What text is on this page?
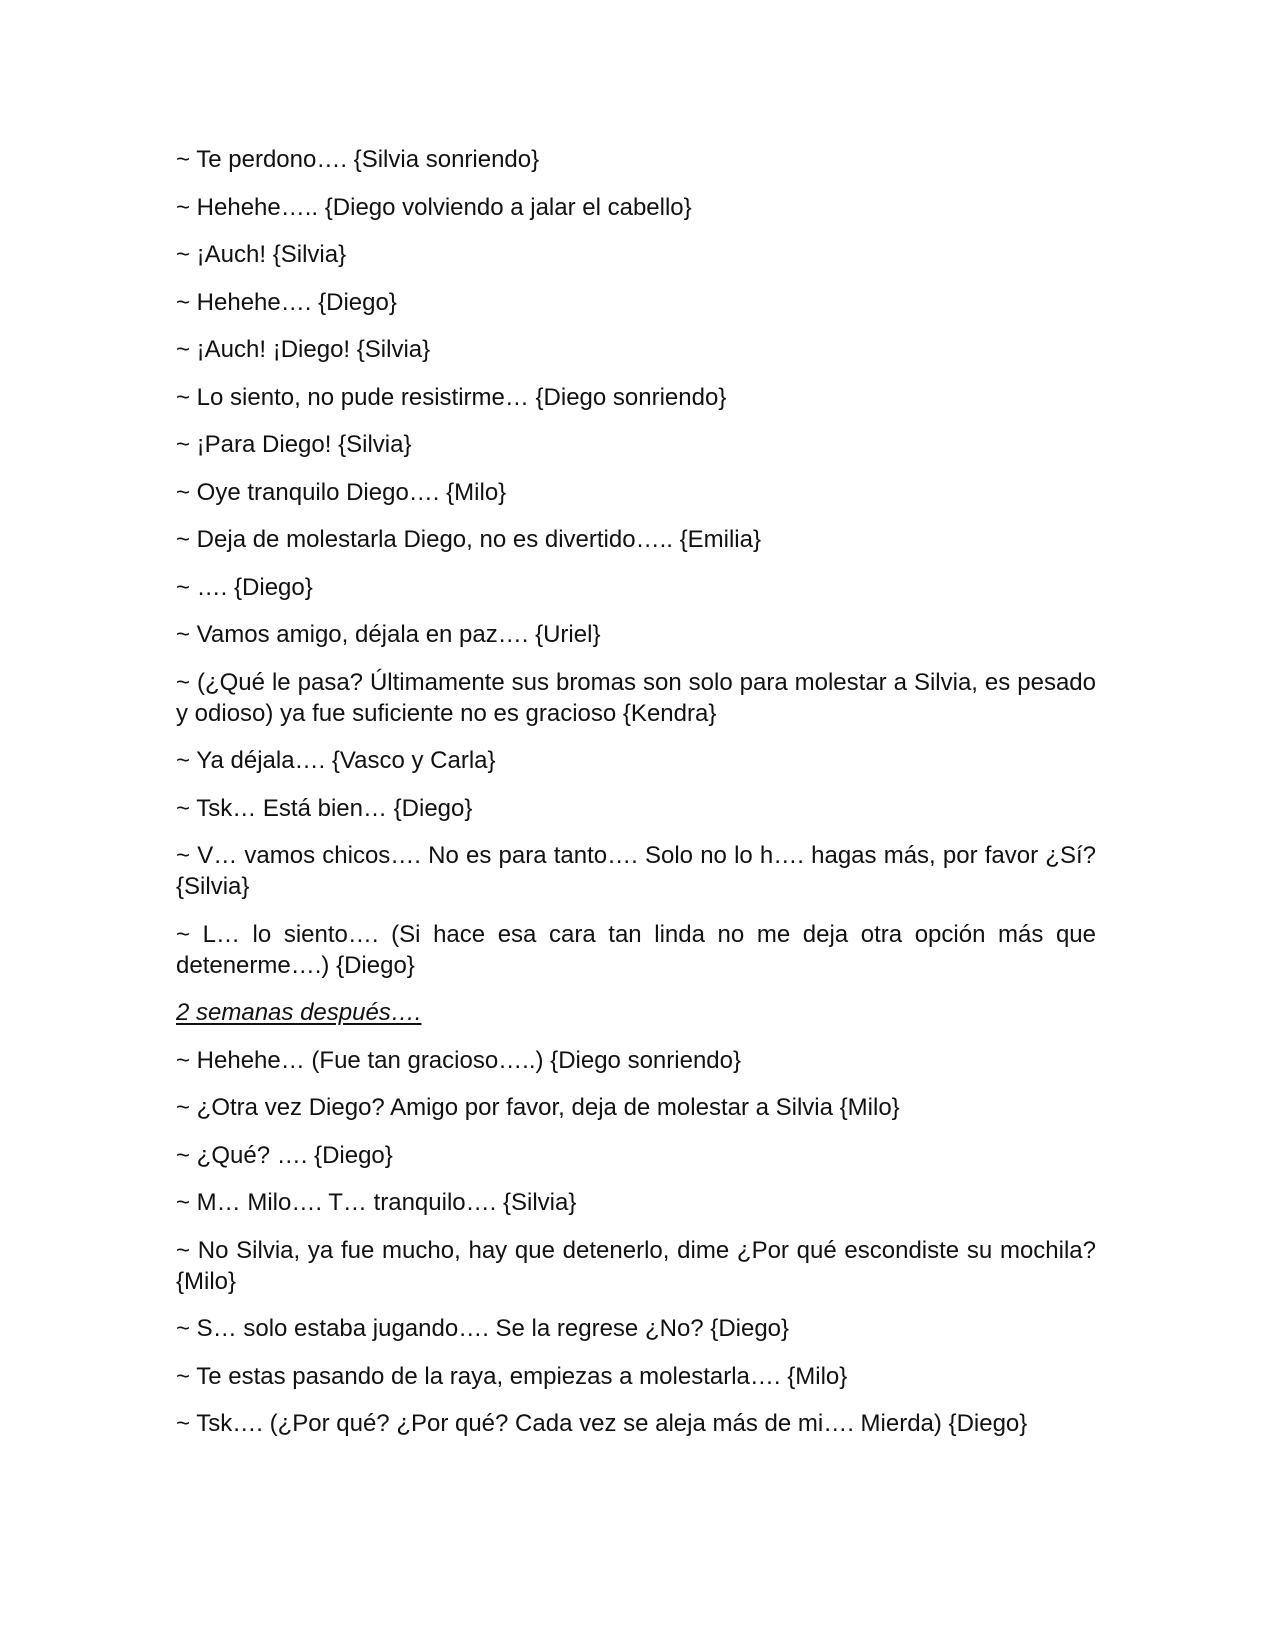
~ Te perdono…. {Silvia sonriendo}

~ Hehehe….. {Diego volviendo a jalar el cabello}

~ ¡Auch! {Silvia}

~ Hehehe…. {Diego}

~ ¡Auch! ¡Diego! {Silvia}

~ Lo siento, no pude resistirme… {Diego sonriendo}

~ ¡Para Diego! {Silvia}

~ Oye tranquilo Diego…. {Milo}

~ Deja de molestarla Diego, no es divertido….. {Emilia}

~ …. {Diego}

~ Vamos amigo, déjala en paz…. {Uriel}

~ (¿Qué le pasa? Últimamente sus bromas son solo para molestar a Silvia, es pesado y odioso) ya fue suficiente no es gracioso {Kendra}

~ Ya déjala…. {Vasco y Carla}

~ Tsk… Está bien… {Diego}

~ V… vamos chicos…. No es para tanto…. Solo no lo h…. hagas más, por favor ¿Sí? {Silvia}

~ L… lo siento…. (Si hace esa cara tan linda no me deja otra opción más que detenerme….) {Diego}

2 semanas después….

~ Hehehe… (Fue tan gracioso…..) {Diego sonriendo}

~ ¿Otra vez Diego? Amigo por favor, deja de molestar a Silvia {Milo}

~ ¿Qué? …. {Diego}

~ M… Milo…. T… tranquilo…. {Silvia}

~ No Silvia, ya fue mucho, hay que detenerlo, dime ¿Por qué escondiste su mochila? {Milo}

~ S… solo estaba jugando…. Se la regrese ¿No? {Diego}

~ Te estas pasando de la raya, empiezas a molestarla…. {Milo}

~ Tsk…. (¿Por qué? ¿Por qué? Cada vez se aleja más de mi…. Mierda) {Diego}
